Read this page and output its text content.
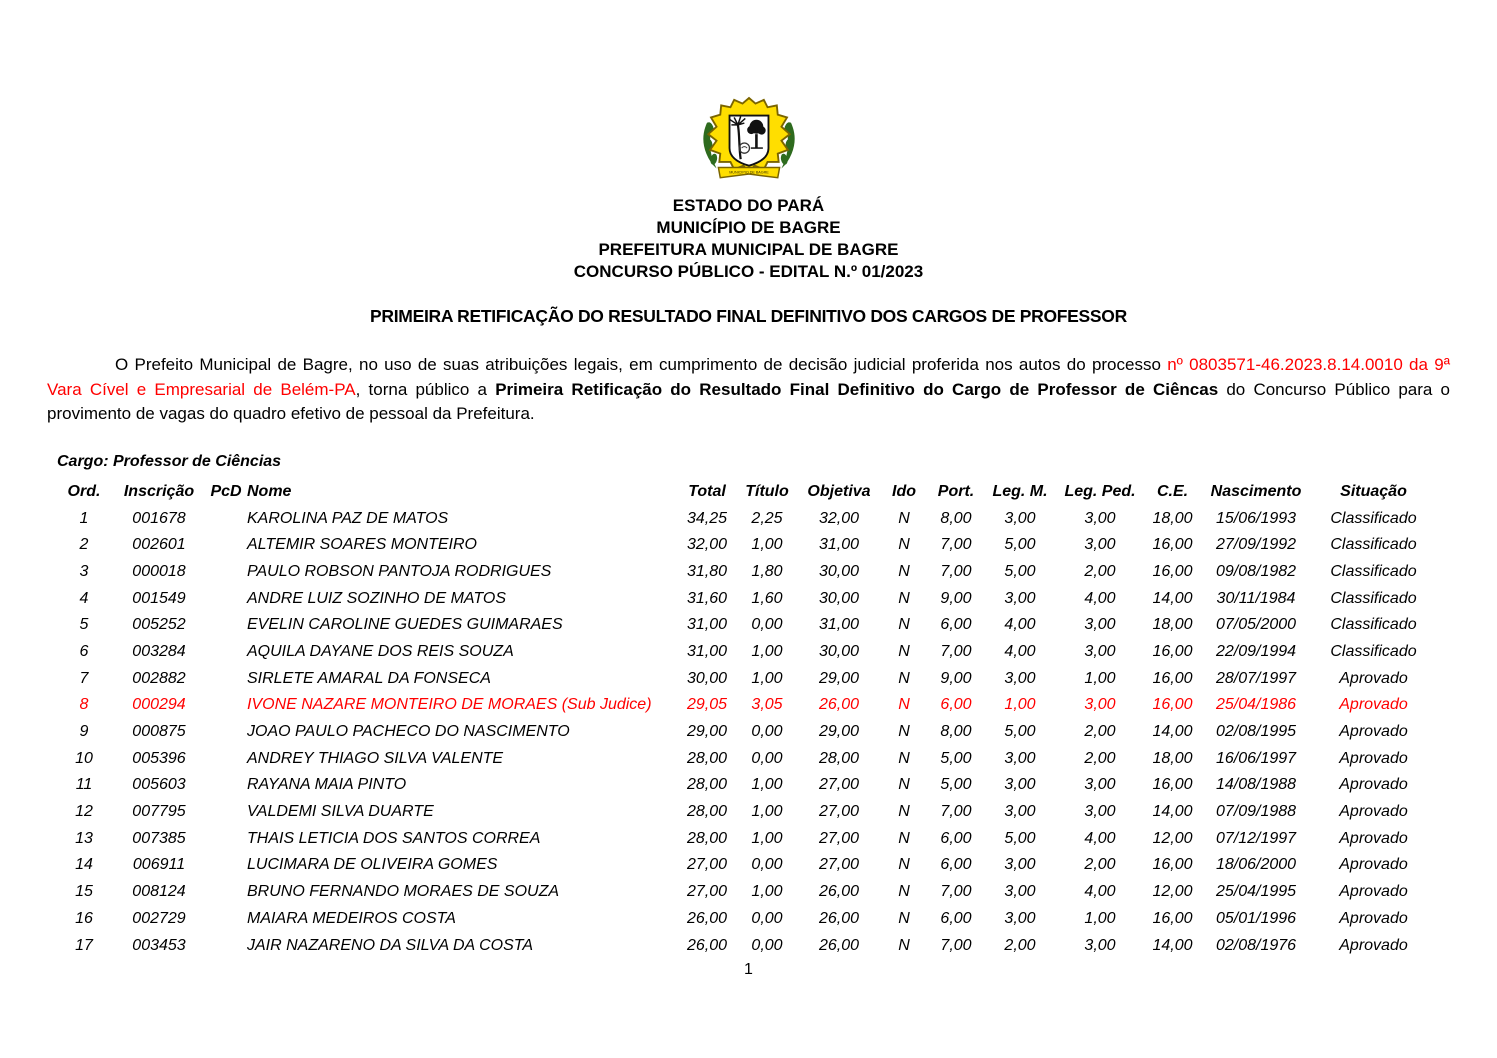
MUNICIPIO DE BAGRE
ESTADO DO PARÁ
MUNICÍPIO DE BAGRE
PREFEITURA MUNICIPAL DE BAGRE
CONCURSO PÚBLICO - EDITAL N.º 01/2023
PRIMEIRA RETIFICAÇÃO DO RESULTADO FINAL DEFINITIVO DOS CARGOS DE PROFESSOR

O Prefeito Municipal de Bagre, no uso de suas atribuições legais, em cumprimento de decisão judicial proferida nos autos do processo nº 0803571-46.2023.8.14.0010 da 9ª Vara Cível e Empresarial de Belém-PA, torna público a Primeira Retificação do Resultado Final Definitivo do Cargo de Professor de Ciêncas do Concurso Público para o provimento de vagas do quadro efetivo de pessoal da Prefeitura.

Cargo: Professor de Ciências
Ord.	Inscrição	PcD	Nome	Total	Título	Objetiva	Ido	Port.	Leg. M.	Leg. Ped.	C.E.	Nascimento	Situação
1	001678		KAROLINA PAZ DE MATOS	34,25	2,25	32,00	N	8,00	3,00	3,00	18,00	15/06/1993	Classificado
2	002601		ALTEMIR SOARES MONTEIRO	32,00	1,00	31,00	N	7,00	5,00	3,00	16,00	27/09/1992	Classificado
3	000018		PAULO ROBSON PANTOJA RODRIGUES	31,80	1,80	30,00	N	7,00	5,00	2,00	16,00	09/08/1982	Classificado
4	001549		ANDRE LUIZ SOZINHO DE MATOS	31,60	1,60	30,00	N	9,00	3,00	4,00	14,00	30/11/1984	Classificado
5	005252		EVELIN CAROLINE GUEDES GUIMARAES	31,00	0,00	31,00	N	6,00	4,00	3,00	18,00	07/05/2000	Classificado
6	003284		AQUILA DAYANE DOS REIS SOUZA	31,00	1,00	30,00	N	7,00	4,00	3,00	16,00	22/09/1994	Classificado
7	002882		SIRLETE AMARAL DA FONSECA	30,00	1,00	29,00	N	9,00	3,00	1,00	16,00	28/07/1997	Aprovado
8	000294		IVONE NAZARE MONTEIRO DE MORAES (Sub Judice)	29,05	3,05	26,00	N	6,00	1,00	3,00	16,00	25/04/1986	Aprovado
9	000875		JOAO PAULO PACHECO DO NASCIMENTO	29,00	0,00	29,00	N	8,00	5,00	2,00	14,00	02/08/1995	Aprovado
10	005396		ANDREY THIAGO SILVA VALENTE	28,00	0,00	28,00	N	5,00	3,00	2,00	18,00	16/06/1997	Aprovado
11	005603		RAYANA MAIA PINTO	28,00	1,00	27,00	N	5,00	3,00	3,00	16,00	14/08/1988	Aprovado
12	007795		VALDEMI SILVA DUARTE	28,00	1,00	27,00	N	7,00	3,00	3,00	14,00	07/09/1988	Aprovado
13	007385		THAIS LETICIA DOS SANTOS CORREA	28,00	1,00	27,00	N	6,00	5,00	4,00	12,00	07/12/1997	Aprovado
14	006911		LUCIMARA DE OLIVEIRA GOMES	27,00	0,00	27,00	N	6,00	3,00	2,00	16,00	18/06/2000	Aprovado
15	008124		BRUNO FERNANDO MORAES DE SOUZA	27,00	1,00	26,00	N	7,00	3,00	4,00	12,00	25/04/1995	Aprovado
16	002729		MAIARA MEDEIROS COSTA	26,00	0,00	26,00	N	6,00	3,00	1,00	16,00	05/01/1996	Aprovado
17	003453		JAIR NAZARENO DA SILVA DA COSTA	26,00	0,00	26,00	N	7,00	2,00	3,00	14,00	02/08/1976	Aprovado
1
